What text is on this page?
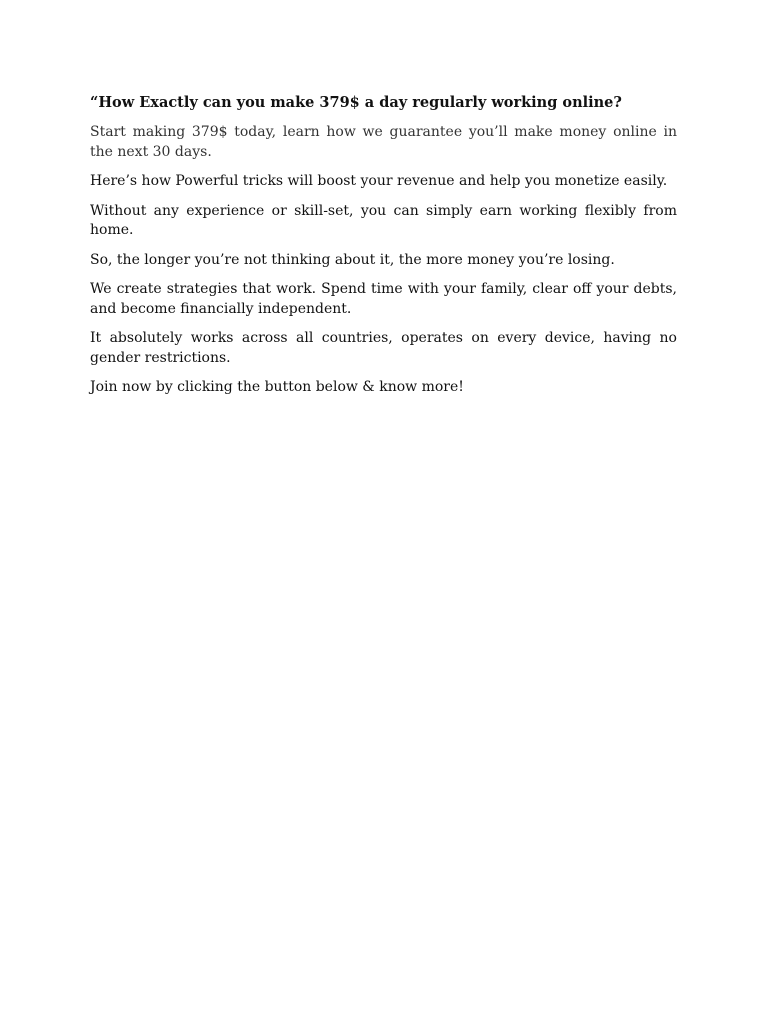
“How Exactly can you make 379$ a day regularly working online?

Start making 379$ today, learn how we guarantee you’ll make money online in the next 30 days.

Here’s how Powerful tricks will boost your revenue and help you monetize easily.

Without any experience or skill-set, you can simply earn working flexibly from home.

So, the longer you’re not thinking about it, the more money you’re losing.

We create strategies that work. Spend time with your family, clear off your debts, and become financially independent.

It absolutely works across all countries, operates on every device, having no gender restrictions.

Join now by clicking the button below & know more!
